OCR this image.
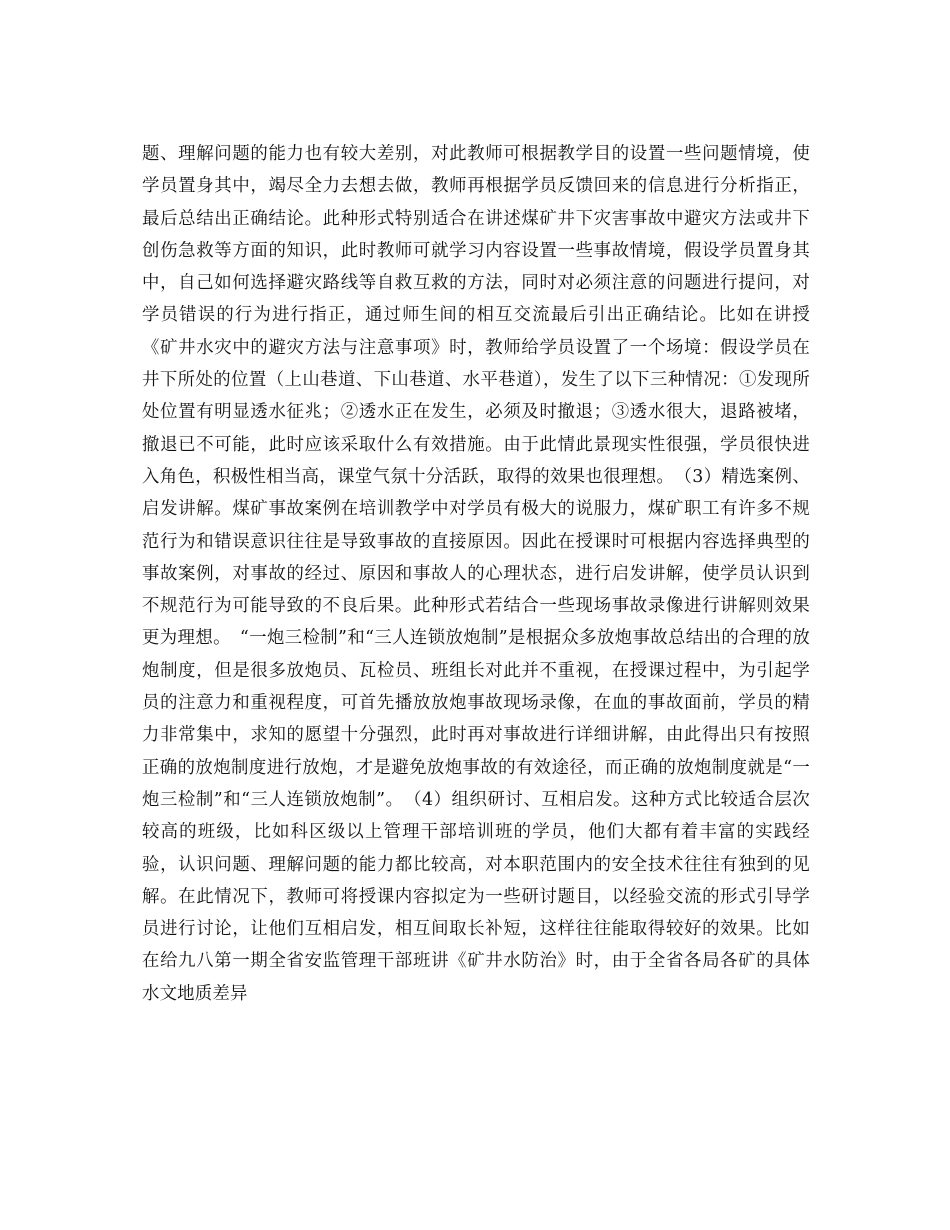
题、理解问题的能力也有较大差别，对此教师可根据教学目的设置一些问题情境，使学员置身其中，竭尽全力去想去做，教师再根据学员反馈回来的信息进行分析指正，最后总结出正确结论。此种形式特别适合在讲述煤矿井下灾害事故中避灾方法或井下创伤急救等方面的知识，此时教师可就学习内容设置一些事故情境，假设学员置身其中，自己如何选择避灾路线等自救互救的方法，同时对必须注意的问题进行提问，对学员错误的行为进行指正，通过师生间的相互交流最后引出正确结论。比如在讲授《矿井水灾中的避灾方法与注意事项》时，教师给学员设置了一个场境：假设学员在井下所处的位置（上山巷道、下山巷道、水平巷道），发生了以下三种情况：①发现所处位置有明显透水征兆；②透水正在发生，必须及时撤退；③透水很大，退路被堵，撤退已不可能，此时应该采取什么有效措施。由于此情此景现实性很强，学员很快进入角色，积极性相当高，课堂气氛十分活跃，取得的效果也很理想。　（3）精选案例、启发讲解。煤矿事故案例在培训教学中对学员有极大的说服力，煤矿职工有许多不规范行为和错误意识往往是导致事故的直接原因。因此在授课时可根据内容选择典型的事故案例，对事故的经过、原因和事故人的心理状态，进行启发讲解，使学员认识到不规范行为可能导致的不良后果。此种形式若结合一些现场事故录像进行讲解则效果更为理想。　“一炮三检制”和“三人连锁放炮制”是根据众多放炮事故总结出的合理的放炮制度，但是很多放炮员、瓦检员、班组长对此并不重视，在授课过程中，为引起学员的注意力和重视程度，可首先播放放炮事故现场录像，在血的事故面前，学员的精力非常集中，求知的愿望十分强烈，此时再对事故进行详细讲解，由此得出只有按照正确的放炮制度进行放炮，才是避免放炮事故的有效途径，而正确的放炮制度就是“一炮三检制”和“三人连锁放炮制”。　（4）组织研讨、互相启发。这种方式比较适合层次较高的班级，比如科区级以上管理干部培训班的学员，他们大都有着丰富的实践经验，认识问题、理解问题的能力都比较高，对本职范围内的安全技术往往有独到的见解。在此情况下，教师可将授课内容拟定为一些研讨题目，以经验交流的形式引导学员进行讨论，让他们互相启发，相互间取长补短，这样往往能取得较好的效果。比如在给九八第一期全省安监管理干部班讲《矿井水防治》时，由于全省各局各矿的具体水文地质差异
